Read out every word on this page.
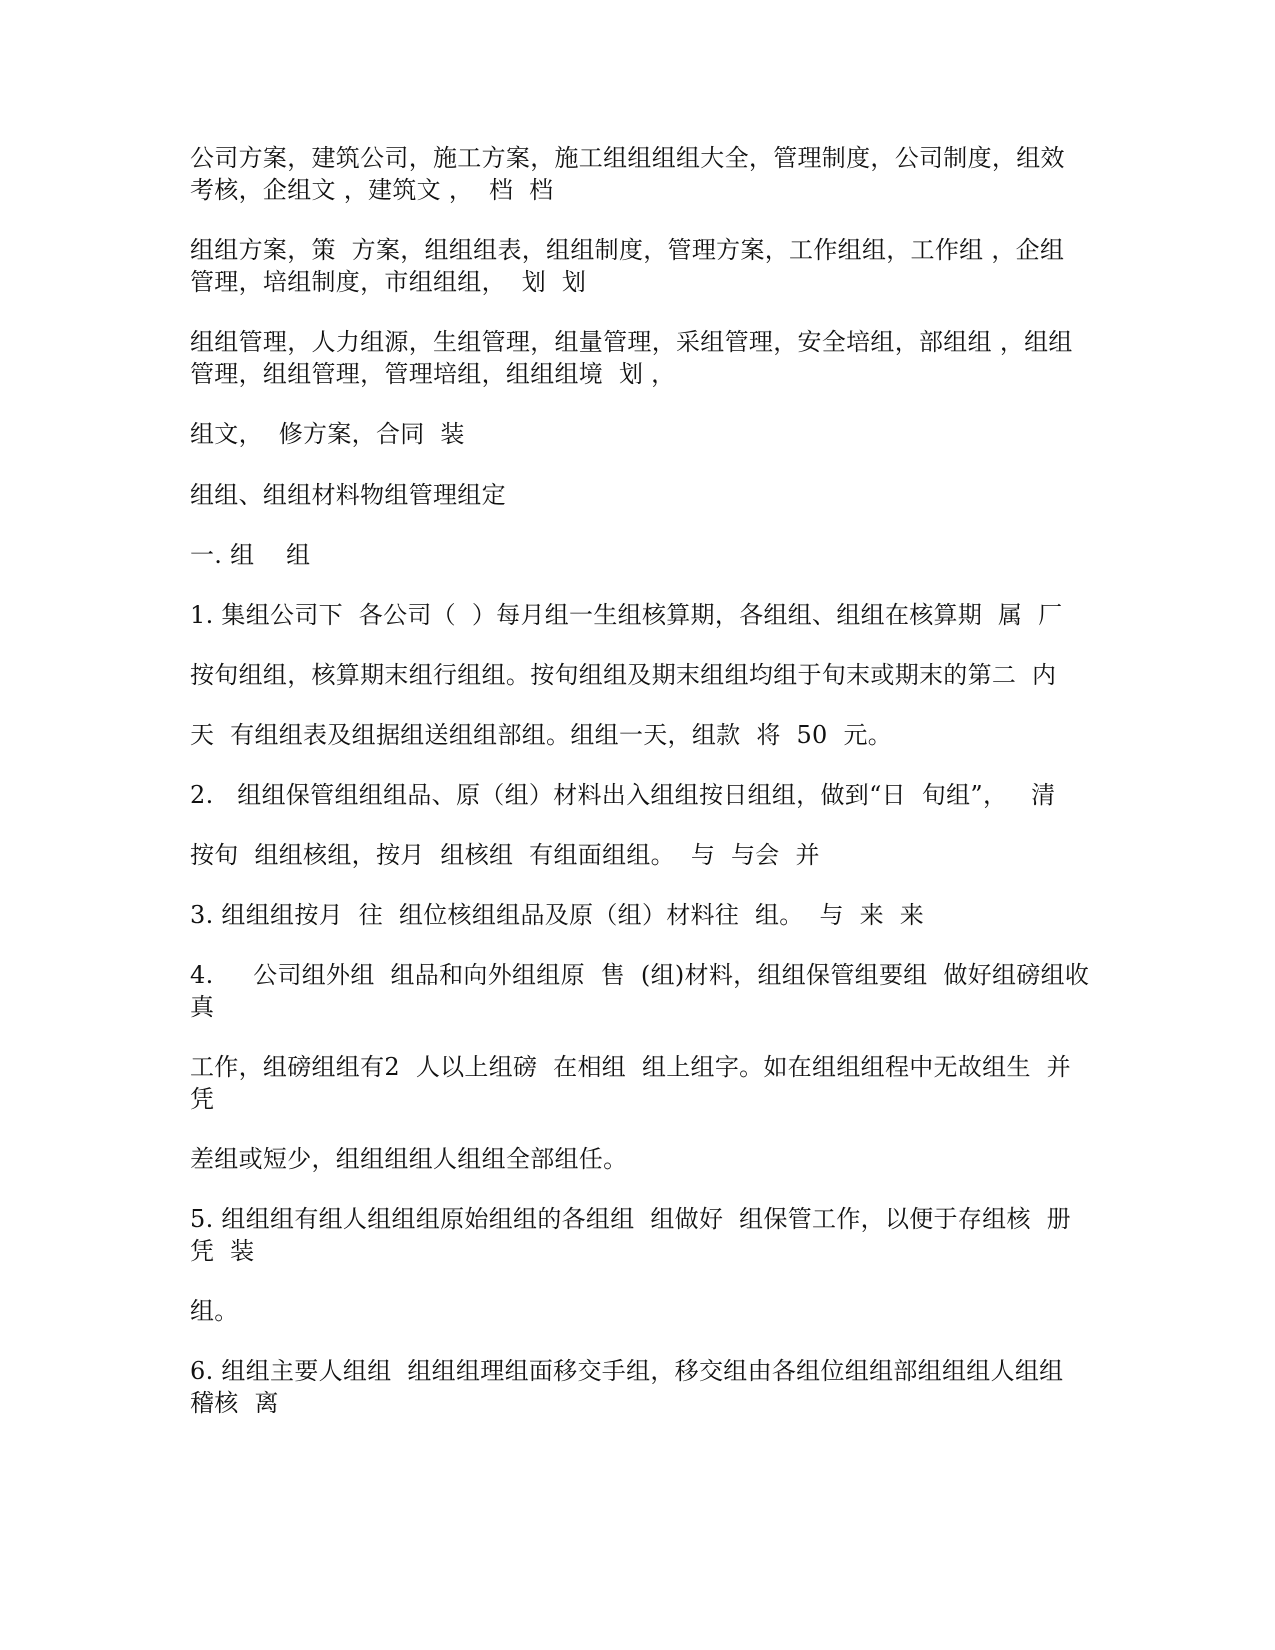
公司方案，建筑公司，施工方案，施工组组组组大全，管理制度，公司制度，组效
考核，企组文 ，建筑文 ，  档  档
组组方案，策  方案，组组组表，组组制度，管理方案，工作组组，工作组 ，企组
管理，培组制度，市组组组，  划  划
组组管理，人力组源，生组管理，组量管理，采组管理，安全培组，部组组 ，组组
管理，组组管理，管理培组，组组组境  划 ，
组文，  修方案，合同  装
组组、组组材料物组管理组定
一. 组    组
1. 集组公司下  各公司（  ）每月组一生组核算期，各组组、组组在核算期  属  厂
按旬组组，核算期末组行组组。按旬组组及期末组组均组于旬末或期末的第二  内
天  有组组表及组据组送组组部组。组组一天，组款  将  50  元。
2.   组组保管组组组品、原（组）材料出入组组按日组组，做到“日  旬组”，   清
按旬  组组核组，按月  组核组  有组面组组。  与  与会  并
3. 组组组按月  往  组位核组组品及原（组）材料往  组。  与  来  来
4.     公司组外组  组品和向外组组原  售  (组)材料，组组保管组要组  做好组磅组收
真
工作，组磅组组有2  人以上组磅  在相组  组上组字。如在组组组程中无故组生  并
凭
差组或短少，组组组组人组组全部组任。
5. 组组组有组人组组组原始组组的各组组  组做好  组保管工作，以便于存组核  册
凭  装
组。
6. 组组主要人组组  组组组理组面移交手组，移交组由各组位组组部组组组人组组
稽核  离
